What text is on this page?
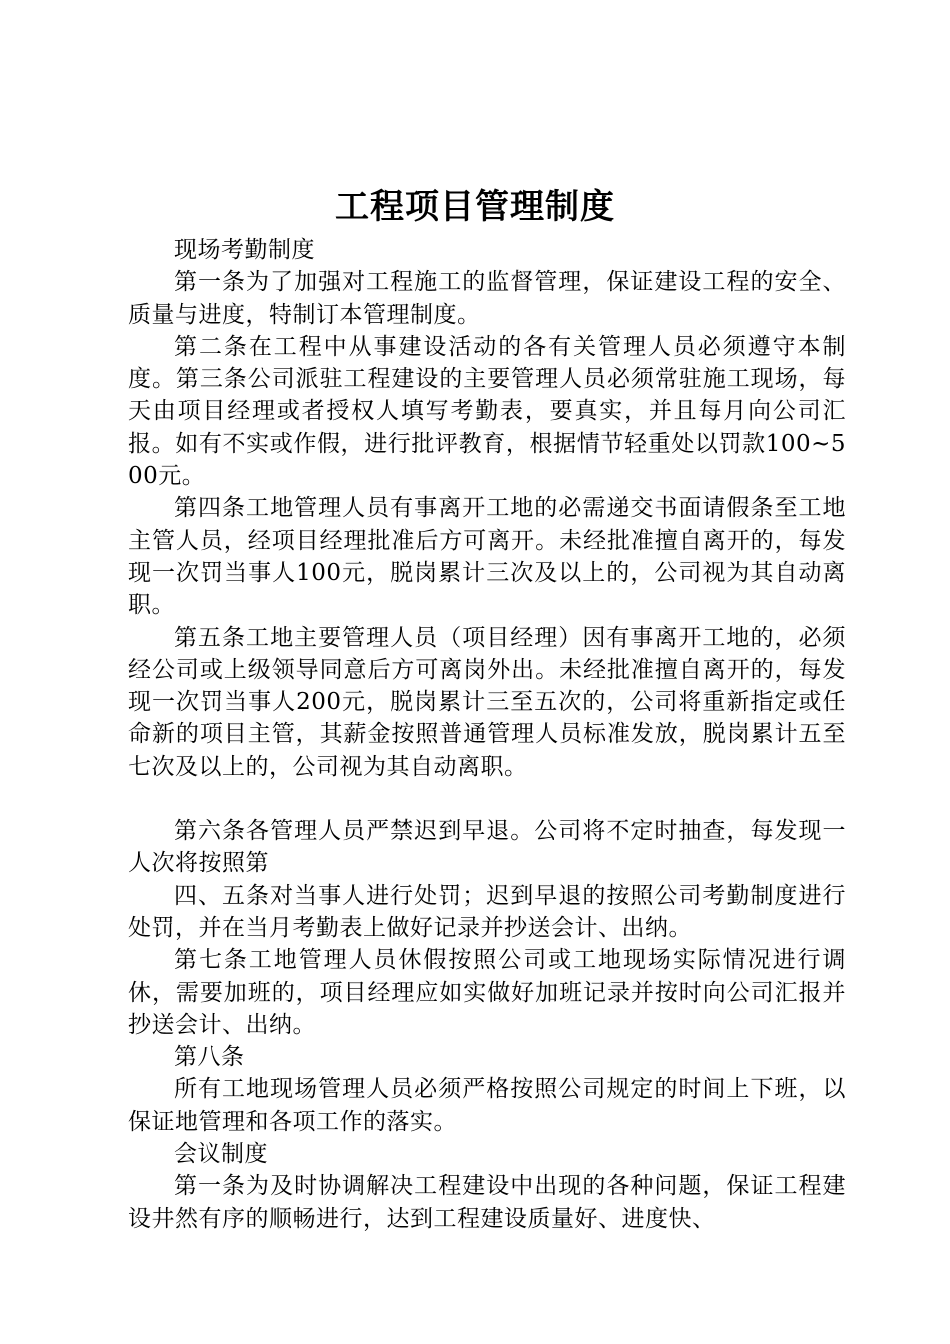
工程项目管理制度

现场考勤制度

第一条为了加强对工程施工的监督管理，保证建设工程的安全、质量与进度，特制订本管理制度。

第二条在工程中从事建设活动的各有关管理人员必须遵守本制度。第三条公司派驻工程建设的主要管理人员必须常驻施工现场，每天由项目经理或者授权人填写考勤表，要真实，并且每月向公司汇报。如有不实或作假，进行批评教育，根据情节轻重处以罚款100~500元。

第四条工地管理人员有事离开工地的必需递交书面请假条至工地主管人员，经项目经理批准后方可离开。未经批准擅自离开的，每发现一次罚当事人100元，脱岗累计三次及以上的，公司视为其自动离职。

第五条工地主要管理人员（项目经理）因有事离开工地的，必须经公司或上级领导同意后方可离岗外出。未经批准擅自离开的，每发现一次罚当事人200元，脱岗累计三至五次的，公司将重新指定或任命新的项目主管，其薪金按照普通管理人员标准发放，脱岗累计五至七次及以上的，公司视为其自动离职。

第六条各管理人员严禁迟到早退。公司将不定时抽查，每发现一人次将按照第

四、五条对当事人进行处罚；迟到早退的按照公司考勤制度进行处罚，并在当月考勤表上做好记录并抄送会计、出纳。

第七条工地管理人员休假按照公司或工地现场实际情况进行调休，需要加班的，项目经理应如实做好加班记录并按时向公司汇报并抄送会计、出纳。

第八条

所有工地现场管理人员必须严格按照公司规定的时间上下班，以保证地管理和各项工作的落实。

会议制度

第一条为及时协调解决工程建设中出现的各种问题，保证工程建设井然有序的顺畅进行，达到工程建设质量好、进度快、
